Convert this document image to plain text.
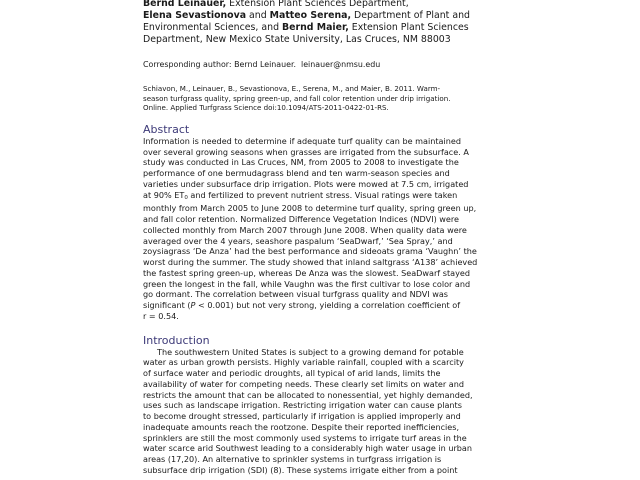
Bernd Leinauer, Extension Plant Sciences Department,
Elena Sevastionova and Matteo Serena, Department of Plant and
Environmental Sciences, and Bernd Maier, Extension Plant Sciences
Department, New Mexico State University, Las Cruces, NM 88003
Corresponding author: Bernd Leinauer. leinauer@nmsu.edu
Schiavon, M., Leinauer, B., Sevastionova, E., Serena, M., and Maier, B. 2011. Warm-
season turfgrass quality, spring green-up, and fall color retention under drip irrigation.
Online. Applied Turfgrass Science doi:10.1094/ATS-2011-0422-01-RS.
Abstract
Information is needed to determine if adequate turf quality can be maintained
over several growing seasons when grasses are irrigated from the subsurface. A
study was conducted in Las Cruces, NM, from 2005 to 2008 to investigate the
performance of one bermudagrass blend and ten warm-season species and
varieties under subsurface drip irrigation. Plots were mowed at 7.5 cm, irrigated
at 90% $ET_0$ and fertilized to prevent nutrient stress. Visual ratings were taken
monthly from March 2005 to June 2008 to determine turf quality, spring green up,
and fall color retention. Normalized Difference Vegetation Indices (NDVI) were
collected monthly from March 2007 through June 2008. When quality data were
averaged over the 4 years, seashore paspalum ‘SeaDwarf,’ ‘Sea Spray,’ and
zoysiagrass ‘De Anza’ had the best performance and sideoats grama ‘Vaughn’ the
worst during the summer. The study showed that inland saltgrass ‘A138’ achieved
the fastest spring green-up, whereas De Anza was the slowest. SeaDwarf stayed
green the longest in the fall, while Vaughn was the first cultivar to lose color and
go dormant. The correlation between visual turfgrass quality and NDVI was
significant (P < 0.001) but not very strong, yielding a correlation coefficient of
r = 0.54.
Introduction
The southwestern United States is subject to a growing demand for potable
water as urban growth persists. Highly variable rainfall, coupled with a scarcity
of surface water and periodic droughts, all typical of arid lands, limits the
availability of water for competing needs. These clearly set limits on water and
restricts the amount that can be allocated to nonessential, yet highly demanded,
uses such as landscape irrigation. Restricting irrigation water can cause plants
to become drought stressed, particularly if irrigation is applied improperly and
inadequate amounts reach the rootzone. Despite their reported inefficiencies,
sprinklers are still the most commonly used systems to irrigate turf areas in the
water scarce arid Southwest leading to a considerably high water usage in urban
areas (17,20). An alternative to sprinkler systems in turfgrass irrigation is
subsurface drip irrigation (SDI) (8). These systems irrigate either from a point
